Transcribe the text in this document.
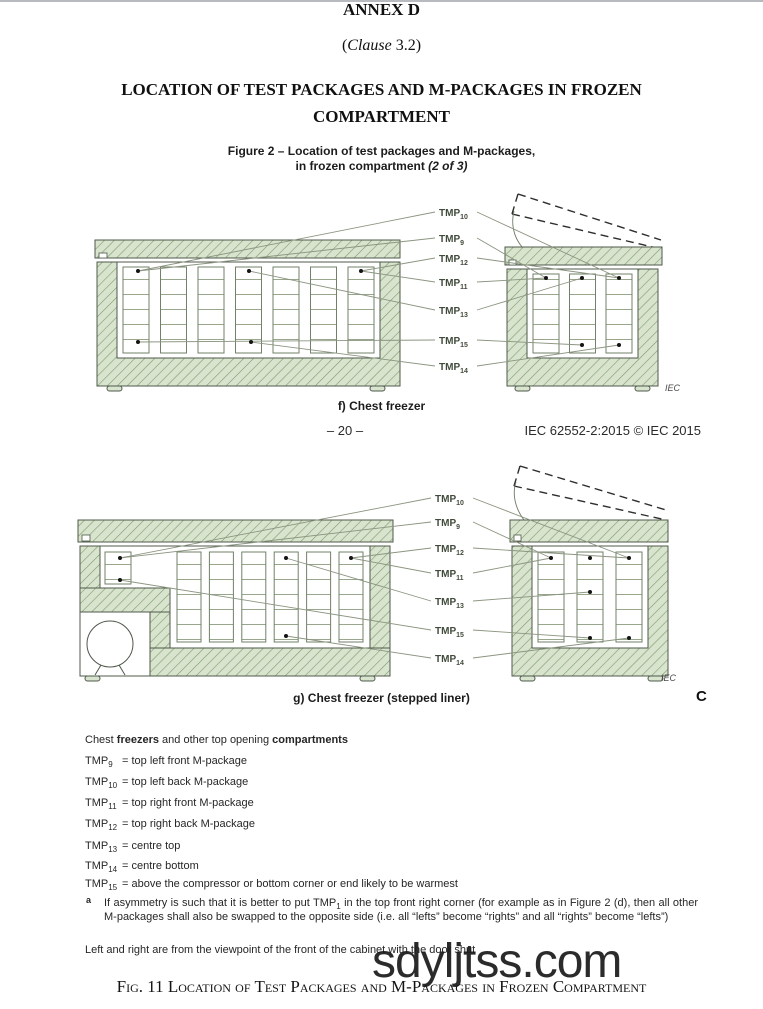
ANNEX D
(Clause 3.2)
LOCATION OF TEST PACKAGES AND M-PACKAGES IN FROZEN
COMPARTMENT
Figure 2 – Location of test packages and M-packages,
in frozen compartment (2 of 3)
$TMP_{10}$
$TMP_9$
$TMP_{12}$
$TMP_{11}$
$TMP_{13}$
$TMP_{15}$
$TMP_{14}$
IEC
f) Chest freezer
– 20 –	IEC 62552-2:2015 © IEC 2015
$TMP_{10}$
$TMP_9$
$TMP_{12}$
$TMP_{11}$
$TMP_{13}$
$TMP_{15}$
$TMP_{14}$
IEC
g) Chest freezer (stepped liner)	C
Chest freezers and other top opening compartments
$TMP_9$ = top left front M-package
$TMP_{10}$ = top left back M-package
$TMP_{11}$ = top right front M-package
$TMP_{12}$ = top right back M-package
$TMP_{13}$ = centre top
$TMP_{14}$ = centre bottom
$TMP_{15}$ = above the compressor or bottom corner or end likely to be warmest
a If asymmetry is such that it is better to put $TMP_1$ in the top front right corner (for example as in Figure 2 (d), then all other M-packages shall also be swapped to the opposite side (i.e. all “lefts” become “rights” and all “rights” become “lefts”)
Left and right are from the viewpoint of the front of the cabinet with the door shut
sdyljtss.com
Fig. 11 Location of Test Packages and M-Packages in Frozen Compartment
